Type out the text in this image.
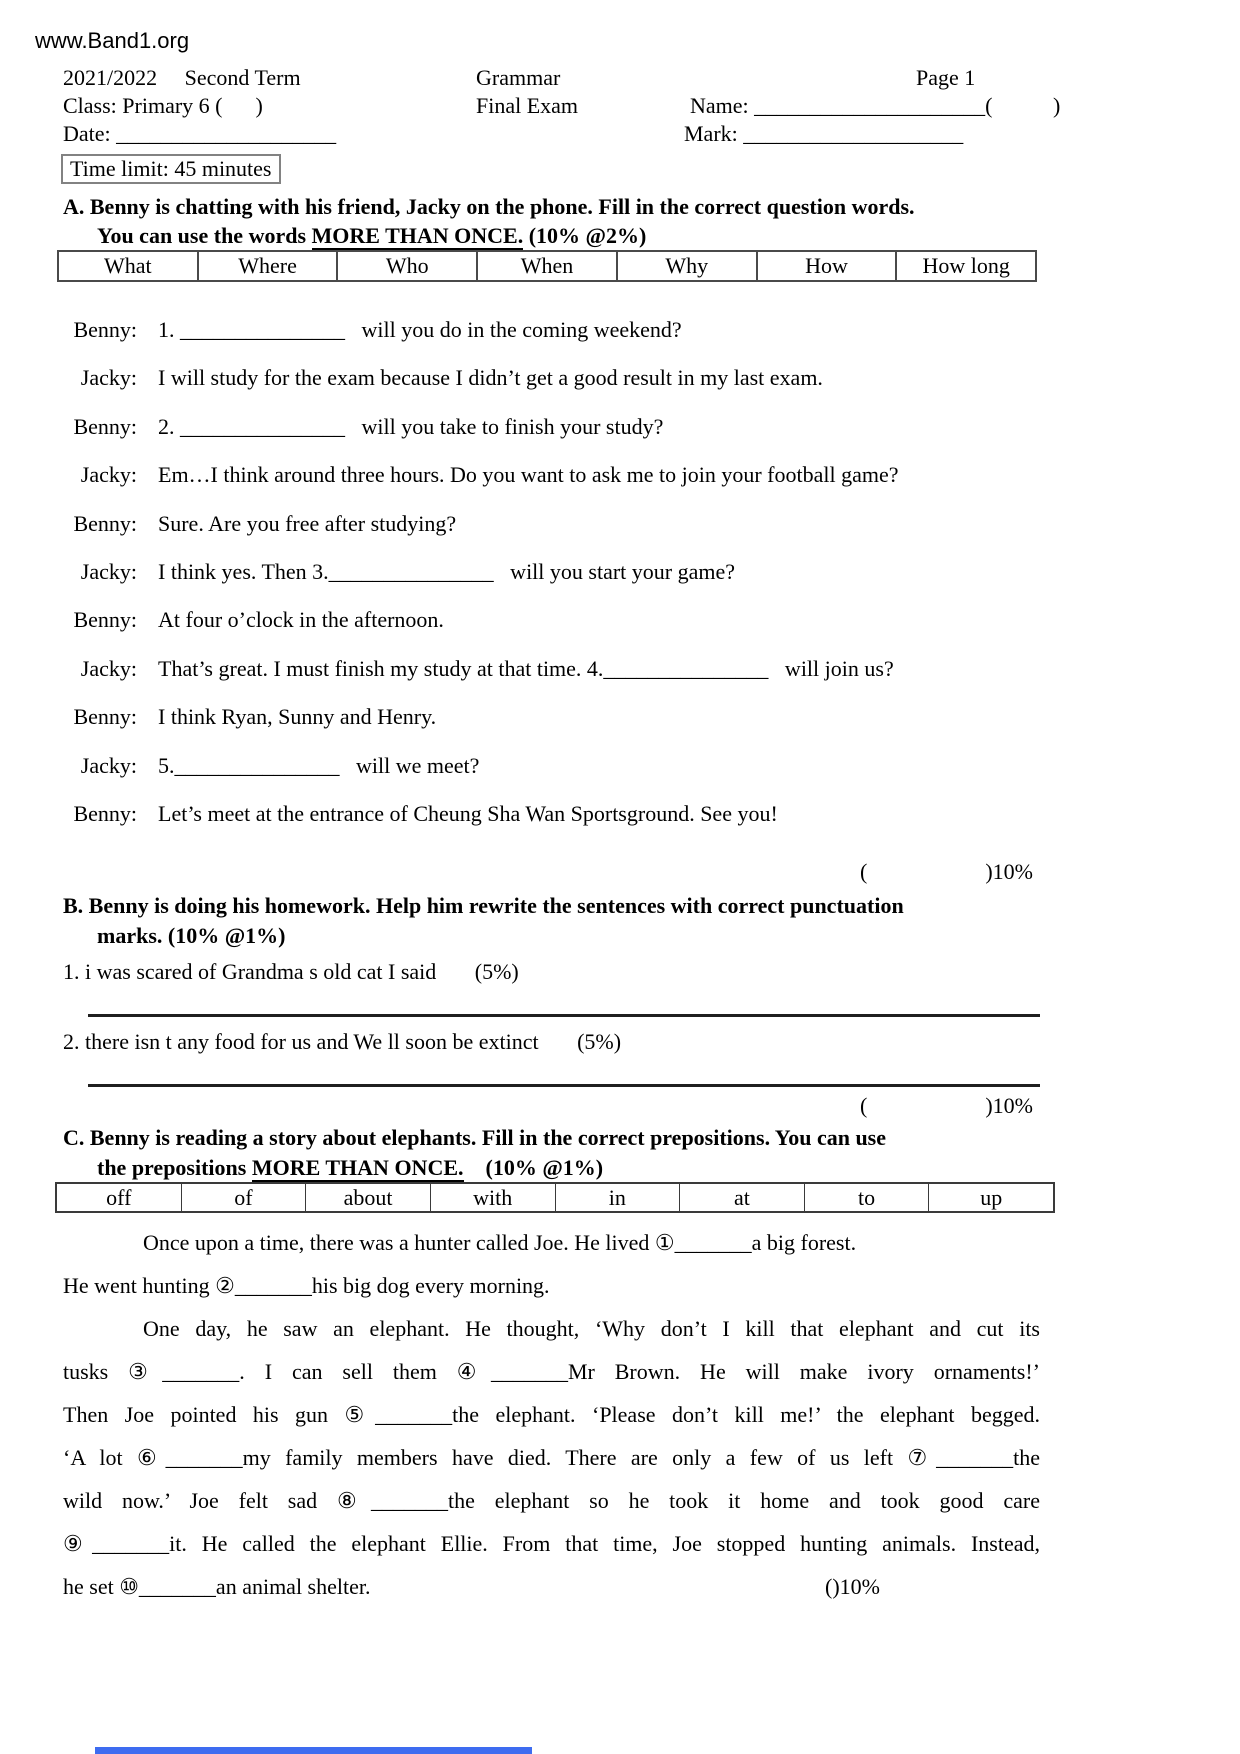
www.Band1.org
2021/2022     Second Term	Grammar	Page 1
Class: Primary 6 (      )	Final Exam	Name: _____________________(           )
Date: ____________________	Mark: ____________________
Time limit: 45 minutes
A. Benny is chatting with his friend, Jacky on the phone. Fill in the correct question words.
You can use the words MORE THAN ONCE. (10% @2%)
What	Where	Who	When	Why	How	How long
Benny: 1. _______________   will you do in the coming weekend?
Jacky: I will study for the exam because I didn’t get a good result in my last exam.
Benny: 2. _______________   will you take to finish your study?
Jacky: Em…I think around three hours. Do you want to ask me to join your football game?
Benny: Sure. Are you free after studying?
Jacky: I think yes. Then 3._______________   will you start your game?
Benny: At four o’clock in the afternoon.
Jacky: That’s great. I must finish my study at that time. 4._______________   will join us?
Benny: I think Ryan, Sunny and Henry.
Jacky: 5._______________   will we meet?
Benny: Let’s meet at the entrance of Cheung Sha Wan Sportsground. See you!
(	)10%
B. Benny is doing his homework. Help him rewrite the sentences with correct punctuation
marks. (10% @1%)
1. i was scared of Grandma s old cat I said       (5%)
2. there isn t any food for us and We ll soon be extinct       (5%)
(	)10%
C. Benny is reading a story about elephants. Fill in the correct prepositions. You can use
the prepositions MORE THAN ONCE.    (10% @1%)
off	of	about	with	in	at	to	up
Once upon a time, there was a hunter called Joe. He lived ①_______a big forest.
He went hunting ②_______his big dog every morning.
One day, he saw an elephant. He thought, ‘Why don’t I kill that elephant and cut its
tusks ③_______. I can sell them ④_______Mr Brown. He will make ivory ornaments!’
Then Joe pointed his gun ⑤_______the elephant. ‘Please don’t kill me!’ the elephant begged.
‘A lot ⑥_______my family members have died. There are only a few of us left ⑦_______the
wild now.’ Joe felt sad ⑧_______the elephant so he took it home and took good care
⑨_______it. He called the elephant Ellie. From that time, Joe stopped hunting animals. Instead,
he set ⑩_______an animal shelter.	()10%
